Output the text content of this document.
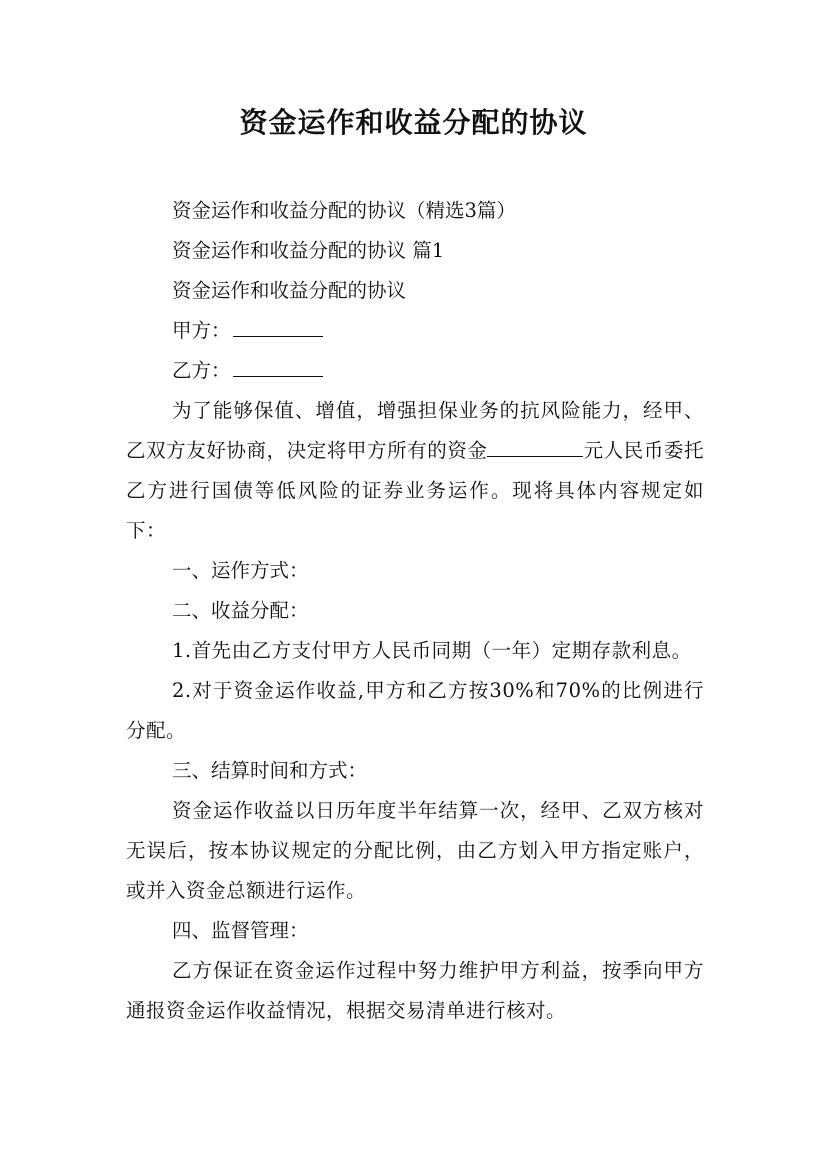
资金运作和收益分配的协议
资金运作和收益分配的协议（精选3篇）
资金运作和收益分配的协议 篇1
资金运作和收益分配的协议
甲方：
乙方：
为了能够保值、增值，增强担保业务的抗风险能力，经甲、乙双方友好协商，决定将甲方所有的资金	元人民币委托乙方进行国债等低风险的证券业务运作。现将具体内容规定如下：
一、运作方式：
二、收益分配：
1.首先由乙方支付甲方人民币同期（一年）定期存款利息。
2.对于资金运作收益,甲方和乙方按30%和70%的比例进行分配。
三、结算时间和方式：
资金运作收益以日历年度半年结算一次，经甲、乙双方核对无误后，按本协议规定的分配比例，由乙方划入甲方指定账户，或并入资金总额进行运作。
四、监督管理：
乙方保证在资金运作过程中努力维护甲方利益，按季向甲方通报资金运作收益情况，根据交易清单进行核对。
